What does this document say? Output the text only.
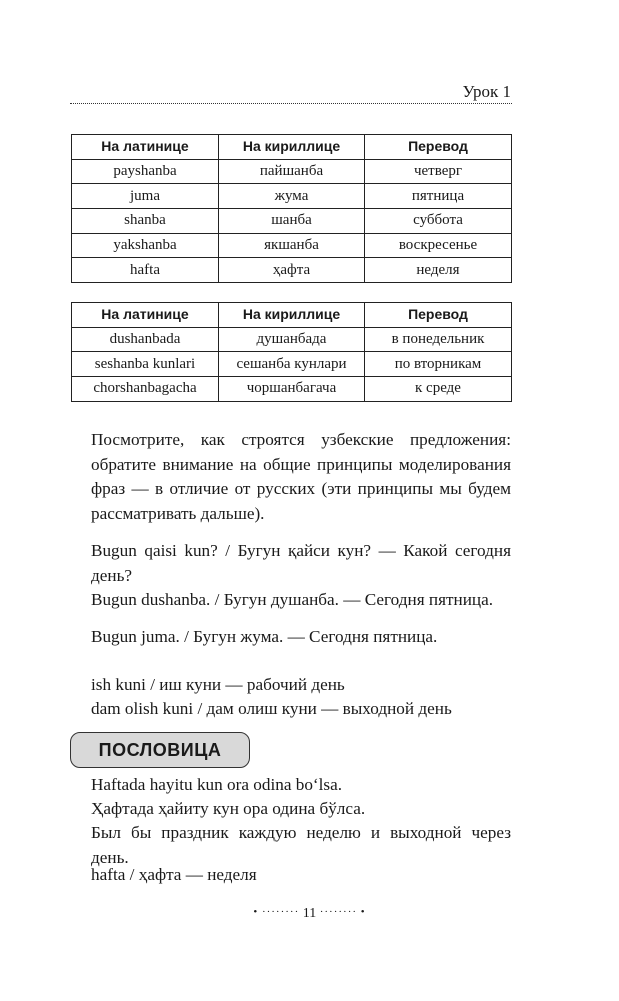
Урок 1
На латинице	На кириллице	Перевод
payshanba	пайшанба	четверг
juma	жума	пятница
shanba	шанба	суббота
yakshanba	якшанба	воскресенье
hafta	ҳафта	неделя
На латинице	На кириллице	Перевод
dushanbada	душанбада	в понедельник
seshanba kunlari	сешанба кунлари	по вторникам
chorshanbagacha	чоршанбагача	к среде

Посмотрите, как строятся узбекские предложения: обратите внимание на общие принципы моделирования фраз — в отличие от русских (эти принципы мы будем рассматривать дальше).

Bugun qaisi kun? / Бугун қайси кун? — Какой сегодня день?

Bugun dushanba. / Бугун душанба. — Сегодня пятница.

Bugun juma. / Бугун жума. — Сегодня пятница.

ish kuni / иш куни — рабочий день

dam olish kuni / дам олиш куни — выходной день

ПОСЛОВИЦА

Haftada hayitu kun ora odina bo‘lsa.

Ҳафтада ҳайиту кун ора одина бўлса.

Был бы праздник каждую неделю и выходной через день.

hafta / ҳафта — неделя

• ········ 11 ········ •
